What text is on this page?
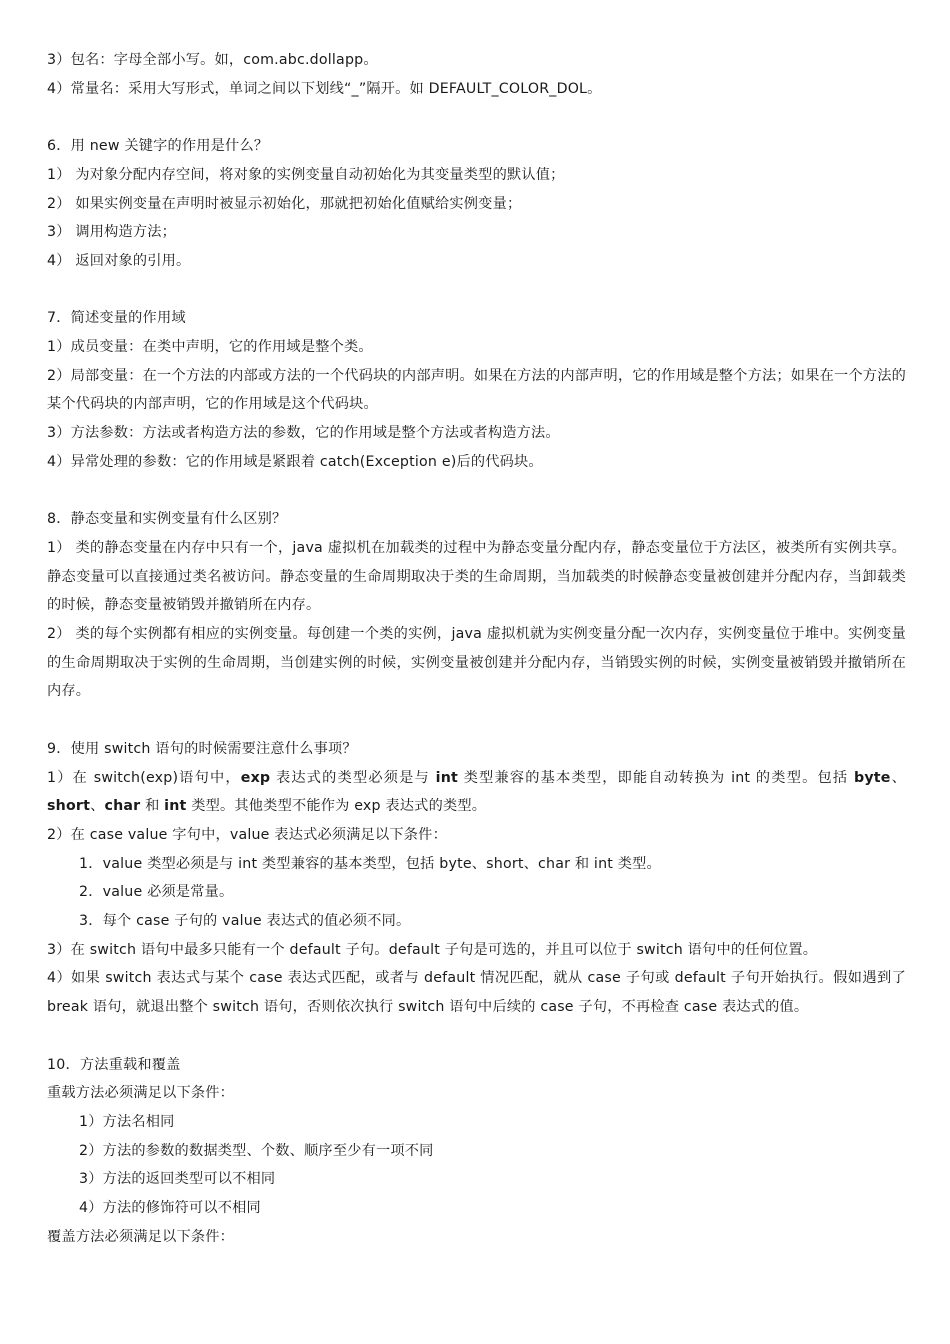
3）包名：字母全部小写。如，com.abc.dollapp。
4）常量名：采用大写形式，单词之间以下划线“_”隔开。如 DEFAULT_COLOR_DOL。
6．用 new 关键字的作用是什么？
1） 为对象分配内存空间，将对象的实例变量自动初始化为其变量类型的默认值；
2） 如果实例变量在声明时被显示初始化，那就把初始化值赋给实例变量；
3） 调用构造方法；
4） 返回对象的引用。
7．简述变量的作用域
1）成员变量：在类中声明，它的作用域是整个类。
2）局部变量：在一个方法的内部或方法的一个代码块的内部声明。如果在方法的内部声明，它的作用域是整个方法；如果在一个方法的某个代码块的内部声明，它的作用域是这个代码块。
3）方法参数：方法或者构造方法的参数，它的作用域是整个方法或者构造方法。
4）异常处理的参数：它的作用域是紧跟着 catch(Exception e)后的代码块。
8．静态变量和实例变量有什么区别？
1） 类的静态变量在内存中只有一个，java 虚拟机在加载类的过程中为静态变量分配内存，静态变量位于方法区，被类所有实例共享。静态变量可以直接通过类名被访问。静态变量的生命周期取决于类的生命周期，当加载类的时候静态变量被创建并分配内存，当卸载类的时候，静态变量被销毁并撤销所在内存。
2） 类的每个实例都有相应的实例变量。每创建一个类的实例，java 虚拟机就为实例变量分配一次内存，实例变量位于堆中。实例变量的生命周期取决于实例的生命周期，当创建实例的时候，实例变量被创建并分配内存，当销毁实例的时候，实例变量被销毁并撤销所在内存。
9．使用 switch 语句的时候需要注意什么事项？
1）在 switch(exp)语句中，exp 表达式的类型必须是与 int 类型兼容的基本类型，即能自动转换为 int 的类型。包括 byte、short、char 和 int 类型。其他类型不能作为 exp 表达式的类型。
2）在 case value 字句中，value 表达式必须满足以下条件：
1．value 类型必须是与 int 类型兼容的基本类型，包括 byte、short、char 和 int 类型。
2．value 必须是常量。
3．每个 case 子句的 value 表达式的值必须不同。
3）在 switch 语句中最多只能有一个 default 子句。default 子句是可选的，并且可以位于 switch 语句中的任何位置。
4）如果 switch 表达式与某个 case 表达式匹配，或者与 default 情况匹配，就从 case 子句或 default 子句开始执行。假如遇到了 break 语句，就退出整个 switch 语句，否则依次执行 switch 语句中后续的 case 子句，不再检查 case 表达式的值。
10．方法重载和覆盖
重载方法必须满足以下条件：
1）方法名相同
2）方法的参数的数据类型、个数、顺序至少有一项不同
3）方法的返回类型可以不相同
4）方法的修饰符可以不相同
覆盖方法必须满足以下条件：
